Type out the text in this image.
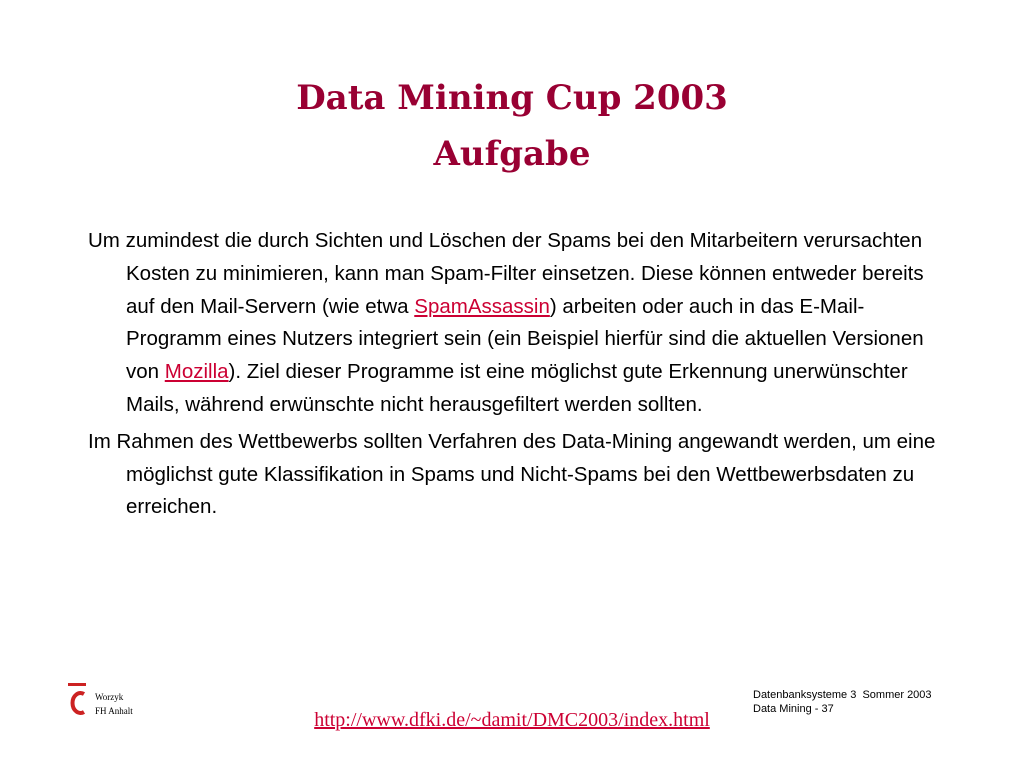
Data Mining Cup 2003
Aufgabe

Um zumindest die durch Sichten und Löschen der Spams bei den Mitarbeitern verursachten Kosten zu minimieren, kann man Spam-Filter einsetzen. Diese können entweder bereits auf den Mail-Servern (wie etwa SpamAssassin) arbeiten oder auch in das E-Mail-Programm eines Nutzers integriert sein (ein Beispiel hierfür sind die aktuellen Versionen von Mozilla). Ziel dieser Programme ist eine möglichst gute Erkennung unerwünschter Mails, während erwünschte nicht herausgefiltert werden sollten.

Im Rahmen des Wettbewerbs sollten Verfahren des Data-Mining angewandt werden, um eine möglichst gute Klassifikation in Spams und Nicht-Spams bei den Wettbewerbsdaten zu erreichen.

Worzyk
FH Anhalt	http://www.dfki.de/~damit/DMC2003/index.html
Datenbanksysteme 3  Sommer 2003
Data Mining - 37
